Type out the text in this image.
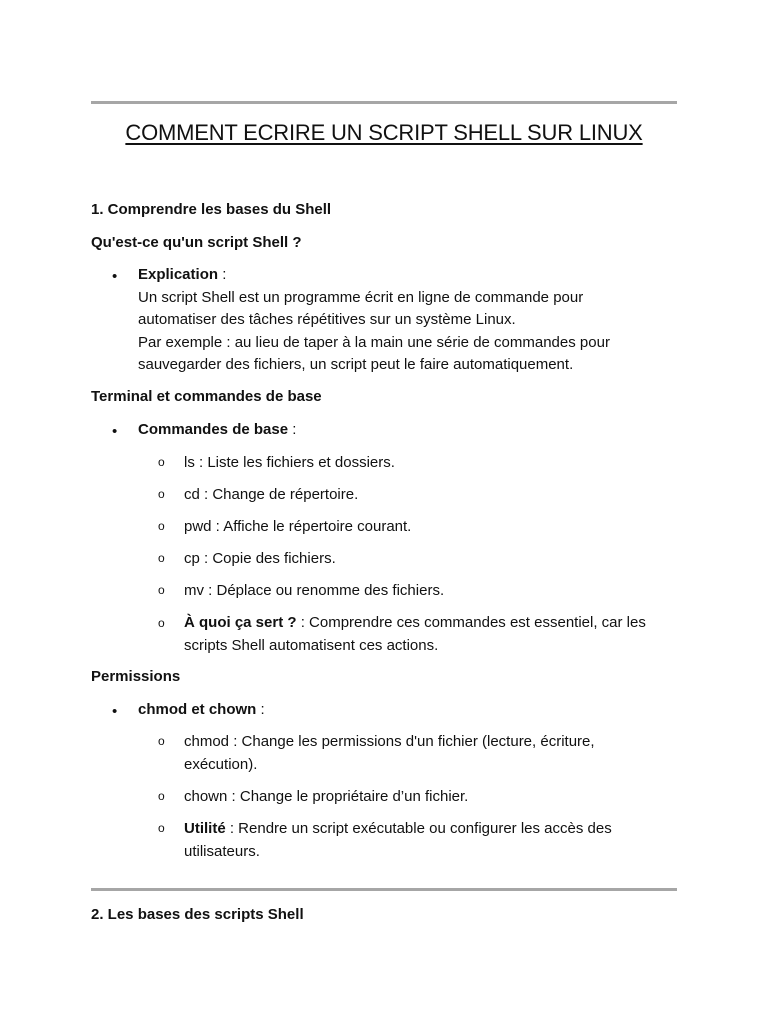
COMMENT ECRIRE UN SCRIPT SHELL SUR LINUX
1. Comprendre les bases du Shell
Qu'est-ce qu'un script Shell ?
• Explication :
Un script Shell est un programme écrit en ligne de commande pour
automatiser des tâches répétitives sur un système Linux.
Par exemple : au lieu de taper à la main une série de commandes pour
sauvegarder des fichiers, un script peut le faire automatiquement.
Terminal et commandes de base
• Commandes de base :
o ls : Liste les fichiers et dossiers.
o cd : Change de répertoire.
o pwd : Affiche le répertoire courant.
o cp : Copie des fichiers.
o mv : Déplace ou renomme des fichiers.
o À quoi ça sert ? : Comprendre ces commandes est essentiel, car les
scripts Shell automatisent ces actions.
Permissions
• chmod et chown :
o chmod : Change les permissions d'un fichier (lecture, écriture,
exécution).
o chown : Change le propriétaire d’un fichier.
o Utilité : Rendre un script exécutable ou configurer les accès des
utilisateurs.
2. Les bases des scripts Shell
